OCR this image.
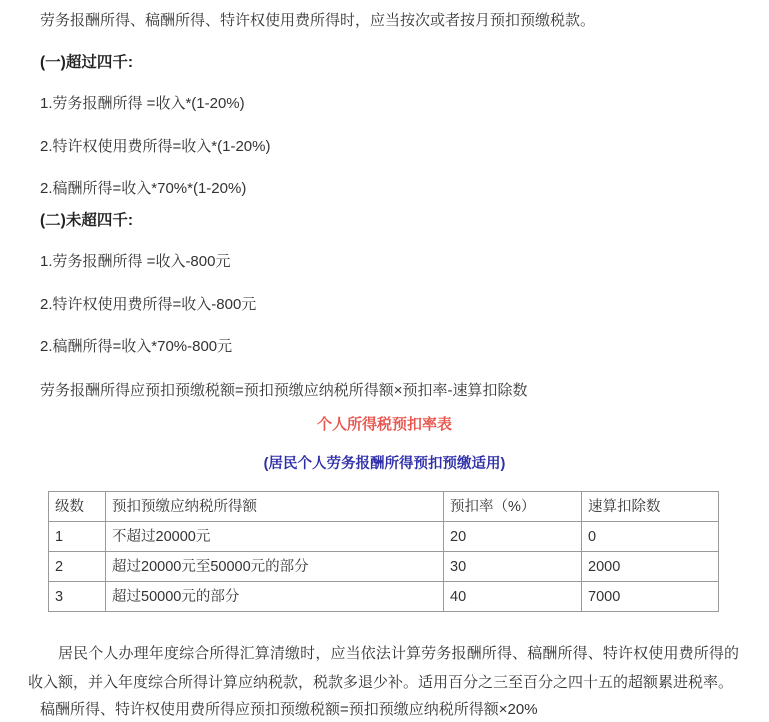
劳务报酬所得、稿酬所得、特许权使用费所得时，应当按次或者按月预扣预缴税款。
(一)超过四千:
1.劳务报酬所得 =收入*(1-20%)
2.特许权使用费所得=收入*(1-20%)
2.稿酬所得=收入*70%*(1-20%)
(二)未超四千:
1.劳务报酬所得 =收入-800元
2.特许权使用费所得=收入-800元
2.稿酬所得=收入*70%-800元
劳务报酬所得应预扣预缴税额=预扣预缴应纳税所得额×预扣率-速算扣除数
个人所得税预扣率表
(居民个人劳务报酬所得预扣预缴适用)
级数	预扣预缴应纳税所得额	预扣率（%）	速算扣除数
1	不超过20000元	20	0
2	超过20000元至50000元的部分	30	2000
3	超过50000元的部分	40	7000
居民个人办理年度综合所得汇算清缴时，应当依法计算劳务报酬所得、稿酬所得、特许权使用费所得的收入额，并入年度综合所得计算应纳税款，税款多退少补。适用百分之三至百分之四十五的超额累进税率。
稿酬所得、特许权使用费所得应预扣预缴税额=预扣预缴应纳税所得额×20%
